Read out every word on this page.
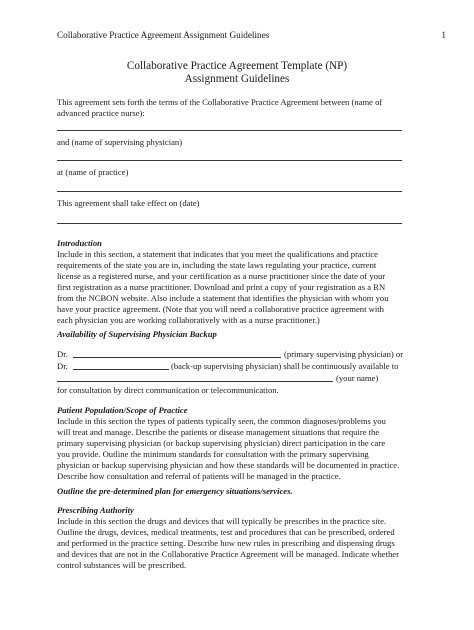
Collaborative Practice Agreement Assignment Guidelines	1
Collaborative Practice Agreement Template (NP)
Assignment Guidelines
This agreement sets forth the terms of the Collaborative Practice Agreement between (name of
advanced practice nurse):
and (name of supervising physician)
at (name of practice)
This agreement shall take effect on (date)
Introduction
Include in this section, a statement that indicates that you meet the qualifications and practice
requirements of the state you are in, including the state laws regulating your practice, current
license as a registered nurse, and your certification as a nurse practitioner since the date of your
first registration as a nurse practitioner. Download and print a copy of your registration as a RN
from the NCBON website. Also include a statement that identifies the physician with whom you
have your practice agreement. (Note that you will need a collaborative practice agreement with
each physician you are working collaboratively with as a nurse practitioner.)
Availability of Supervising Physician Backup
Dr.	(primary supervising physician) or
Dr.	(back-up supervising physician) shall be continuously available to
(your name)
for consultation by direct communication or telecommunication.
Patient Population/Scope of Practice
Include in this section the types of patients typically seen, the common diagnoses/problems you
will treat and manage. Describe the patients or disease management situations that require the
primary supervising physician (or backup supervising physician) direct participation in the care
you provide. Outline the minimum standards for consultation with the primary supervising
physician or backup supervising physician and how these standards will be documented in practice.
Describe how consultation and referral of patients will be managed in the practice.
Outline the pre-determined plan for emergency situations/services.
Prescribing Authority
Include in this section the drugs and devices that will typically be prescribes in the practice site.
Outline the drugs, devices, medical treatments, test and procedures that can be prescribed, ordered
and performed in the practice setting. Describe how new rules in prescribing and dispensing drugs
and devices that are not in the Collaborative Practice Agreement will be managed. Indicate whether
control substances will be prescribed.
